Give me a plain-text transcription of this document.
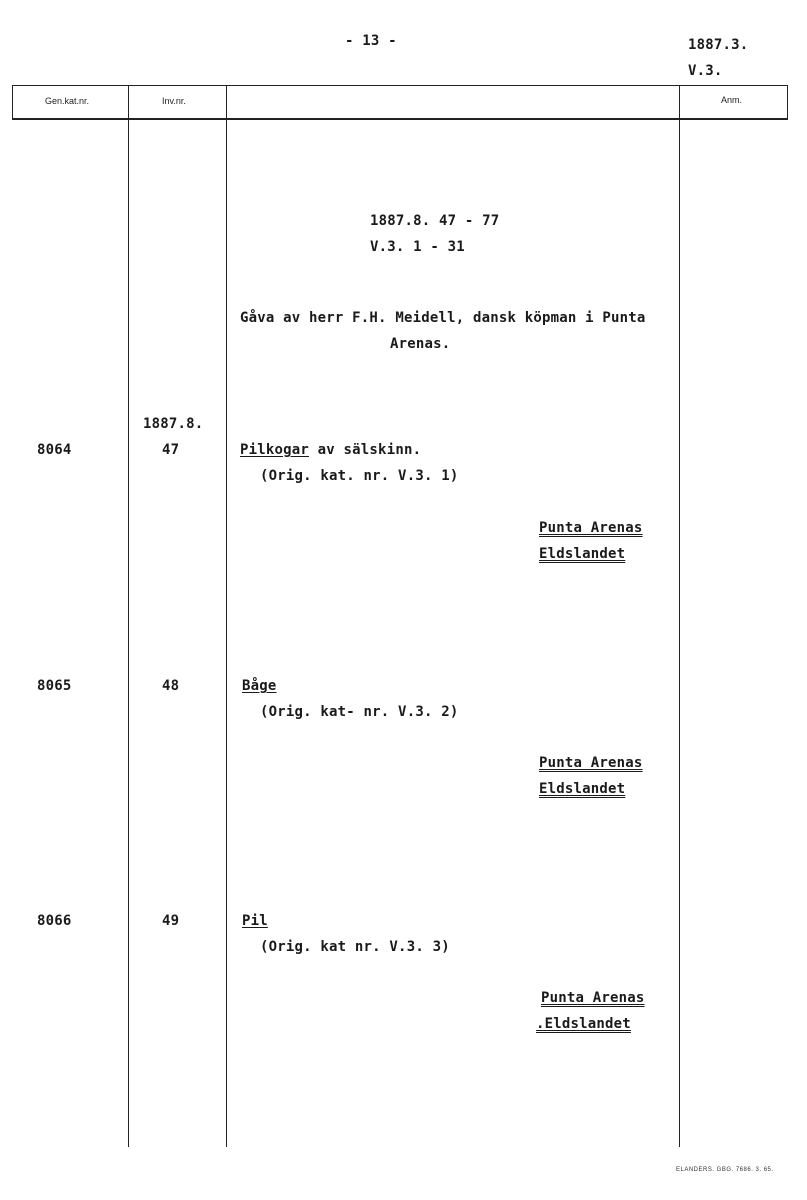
- 13 -	1887.3.
V.3.
Gen.kat.nr.	Inv.nr.	Anm.
1887.8. 47 - 77
V.3. 1 - 31
Gåva av herr F.H. Meidell, dansk köpman i Punta
Arenas.
1887.8.
8064	47	Pilkogar av sälskinn.
(Orig. kat. nr. V.3. 1)
Punta Arenas
Eldslandet
8065	48	Båge
(Orig. kat- nr. V.3. 2)
Punta Arenas
Eldslandet
8066	49	Pil
(Orig. kat nr. V.3. 3)
Punta Arenas
.Eldslandet
ELANDERS. GBG. 7686. 3. 65.
